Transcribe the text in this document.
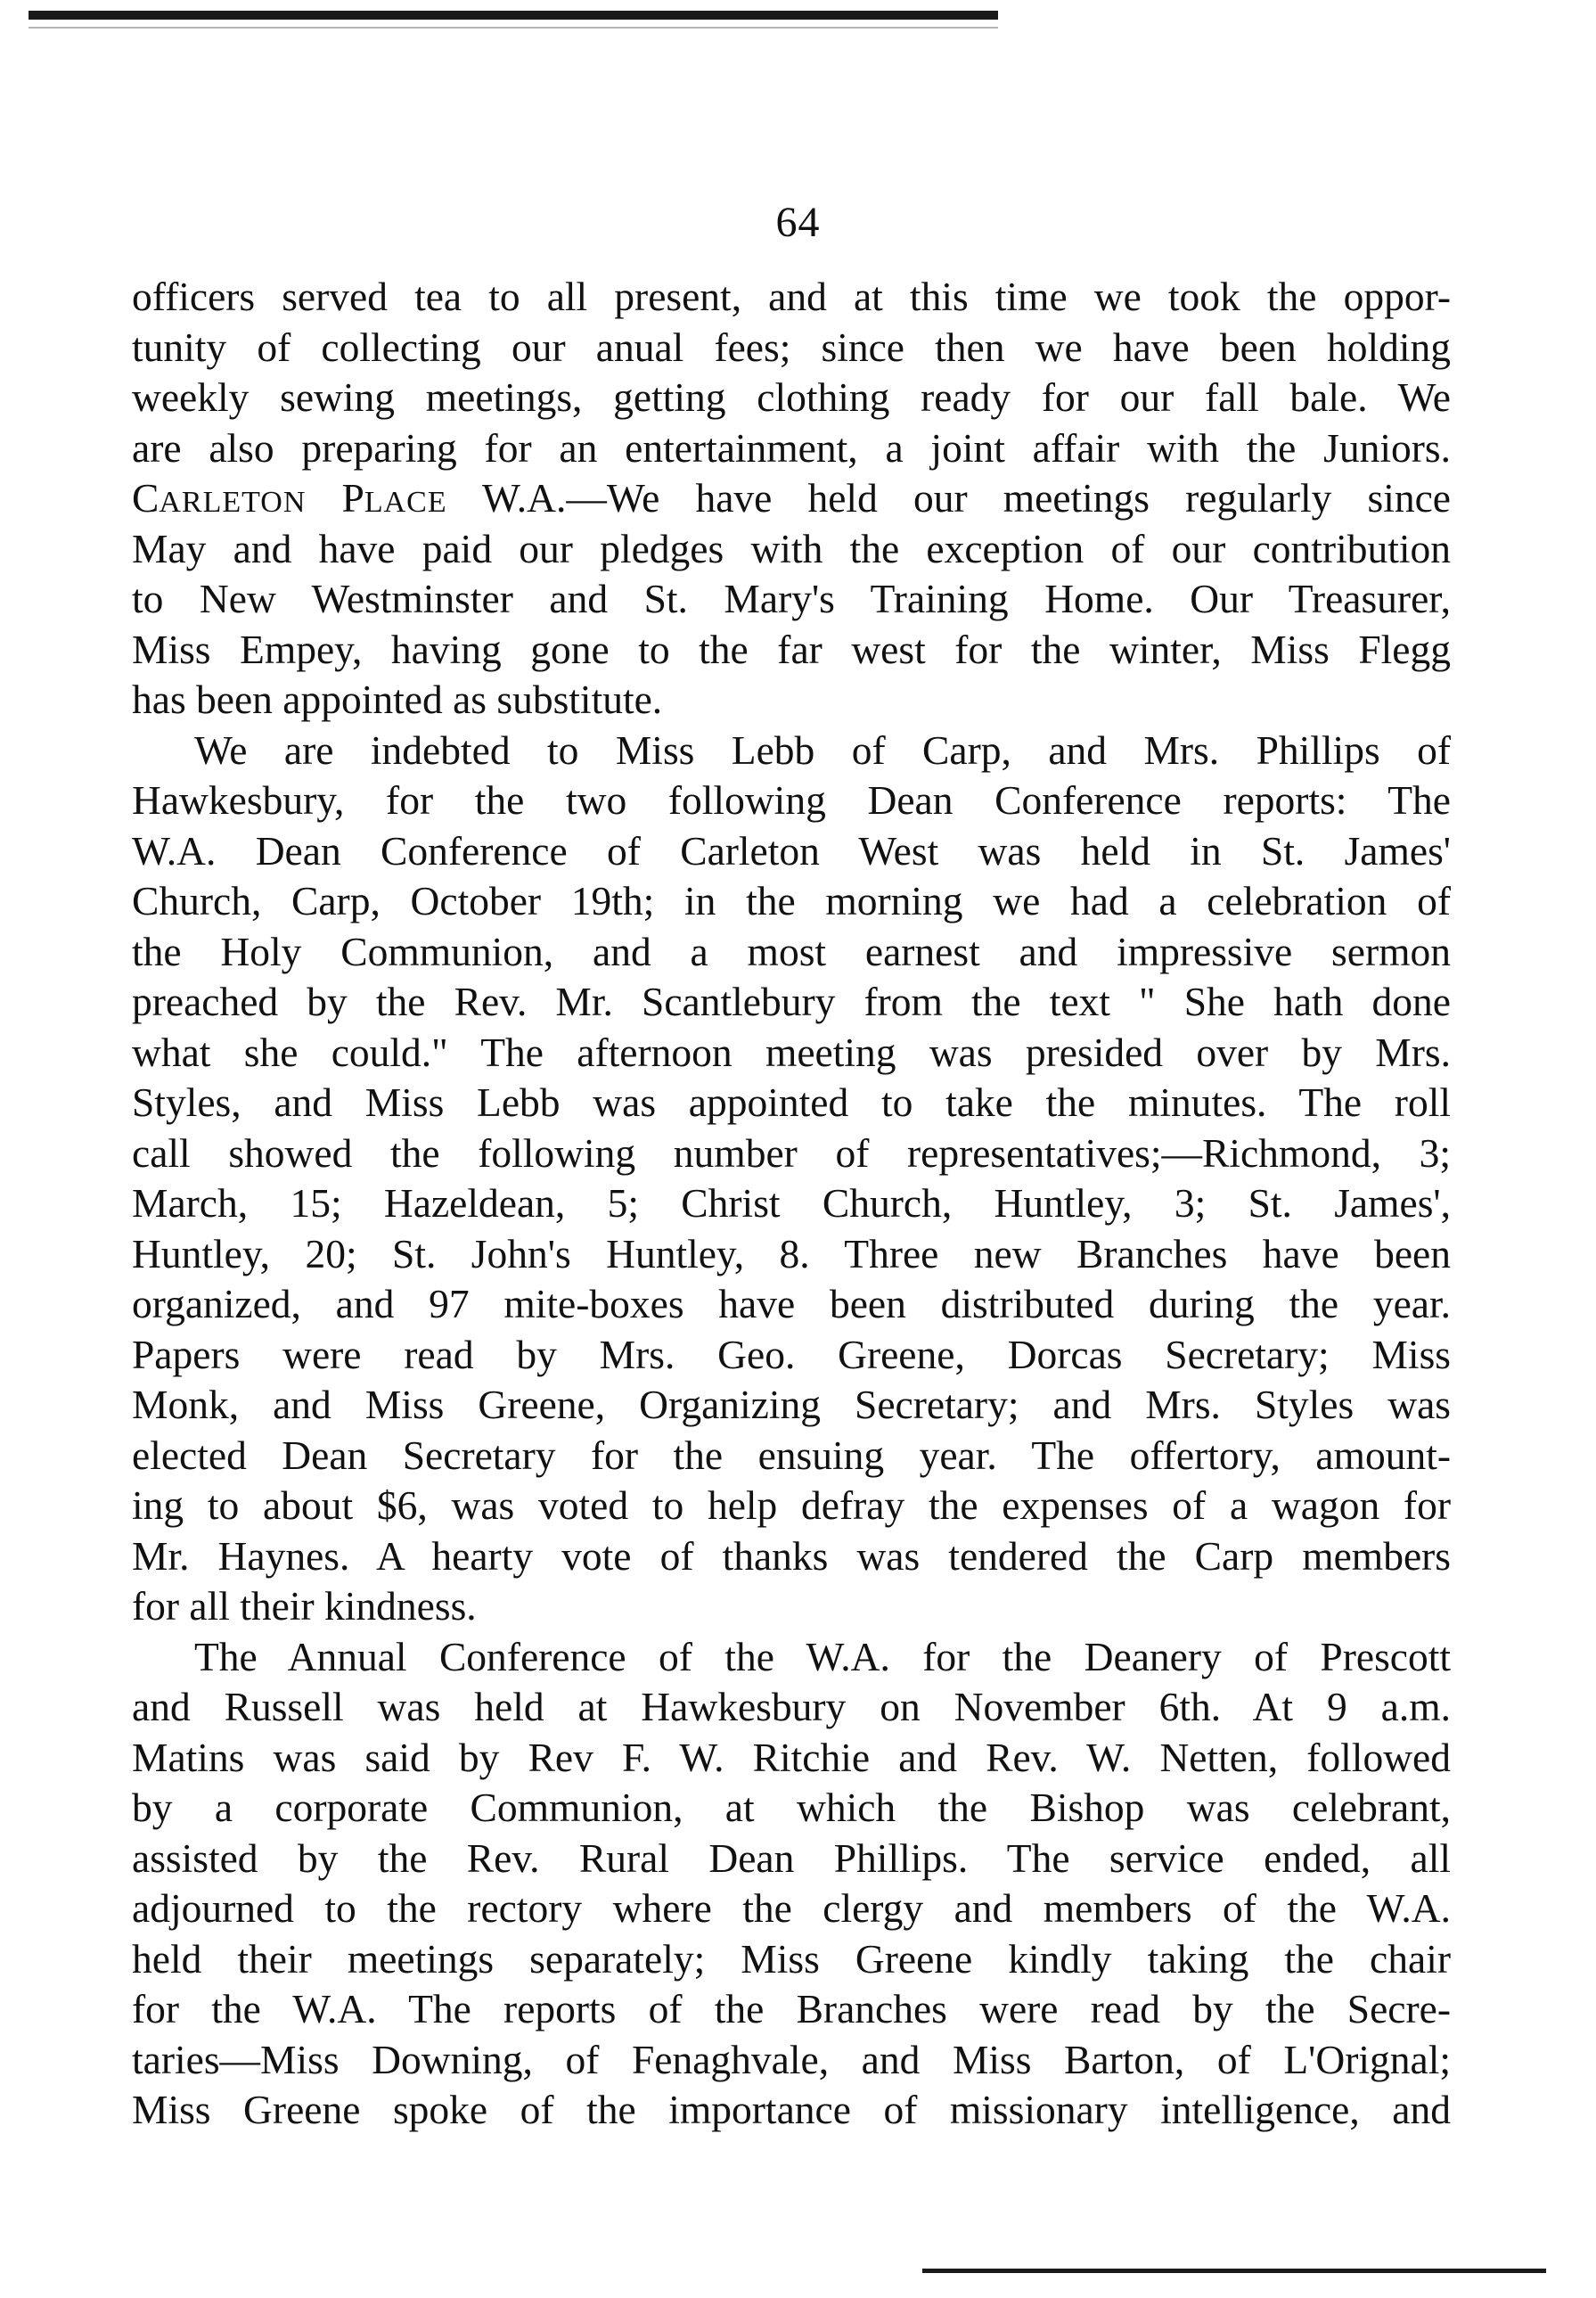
64
officers served tea to all present, and at this time we took the oppor-
tunity of collecting our anual fees; since then we have been holding
weekly sewing meetings, getting clothing ready for our fall bale. We
are also preparing for an entertainment, a joint affair with the Juniors.
CARLETON PLACE W.A.—We have held our meetings regularly since
May and have paid our pledges with the exception of our contribution
to New Westminster and St. Mary's Training Home. Our Treasurer,
Miss Empey, having gone to the far west for the winter, Miss Flegg
has been appointed as substitute.
We are indebted to Miss Lebb of Carp, and Mrs. Phillips of
Hawkesbury, for the two following Dean Conference reports: The
W.A. Dean Conference of Carleton West was held in St. James'
Church, Carp, October 19th; in the morning we had a celebration of
the Holy Communion, and a most earnest and impressive sermon
preached by the Rev. Mr. Scantlebury from the text " She hath done
what she could." The afternoon meeting was presided over by Mrs.
Styles, and Miss Lebb was appointed to take the minutes. The roll
call showed the following number of representatives;—Richmond, 3;
March, 15; Hazeldean, 5; Christ Church, Huntley, 3; St. James',
Huntley, 20; St. John's Huntley, 8. Three new Branches have been
organized, and 97 mite-boxes have been distributed during the year.
Papers were read by Mrs. Geo. Greene, Dorcas Secretary; Miss
Monk, and Miss Greene, Organizing Secretary; and Mrs. Styles was
elected Dean Secretary for the ensuing year. The offertory, amount-
ing to about $6, was voted to help defray the expenses of a wagon for
Mr. Haynes. A hearty vote of thanks was tendered the Carp members
for all their kindness.
The Annual Conference of the W.A. for the Deanery of Prescott
and Russell was held at Hawkesbury on November 6th. At 9 a.m.
Matins was said by Rev F. W. Ritchie and Rev. W. Netten, followed
by a corporate Communion, at which the Bishop was celebrant,
assisted by the Rev. Rural Dean Phillips. The service ended, all
adjourned to the rectory where the clergy and members of the W.A.
held their meetings separately; Miss Greene kindly taking the chair
for the W.A. The reports of the Branches were read by the Secre-
taries—Miss Downing, of Fenaghvale, and Miss Barton, of L'Orignal;
Miss Greene spoke of the importance of missionary intelligence, and
